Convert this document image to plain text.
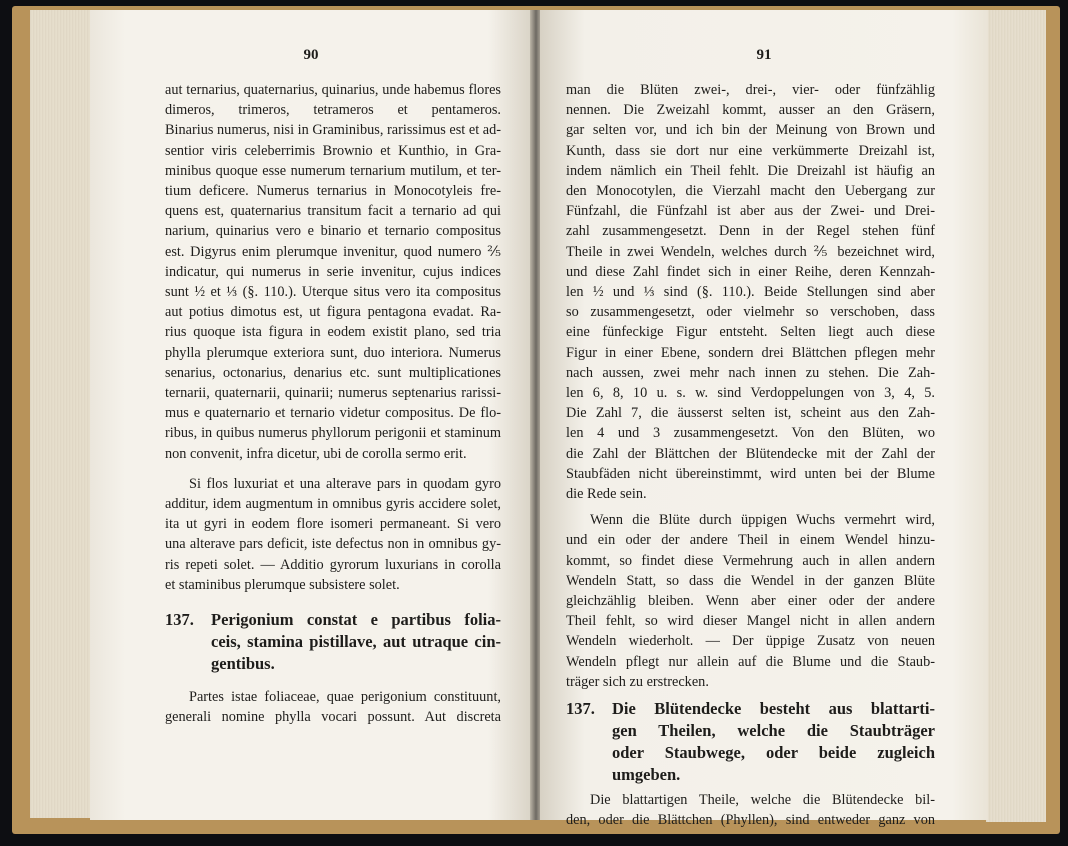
90
aut ternarius, quaternarius, quinarius, unde habemus flores
dimeros, trimeros, tetrameros et pentameros.
Binarius numerus, nisi in Graminibus, rarissimus est et ad-
sentior viris celeberrimis Brownio et Kunthio, in Gra-
minibus quoque esse numerum ternarium mutilum, et ter-
tium deficere. Numerus ternarius in Monocotyleis fre-
quens est, quaternarius transitum facit a ternario ad qui
narium, quinarius vero e binario et ternario compositus
est. Digyrus enim plerumque invenitur, quod numero ⅖
indicatur, qui numerus in serie invenitur, cujus indices
sunt ½ et ⅓ (§. 110.). Uterque situs vero ita compositus
aut potius dimotus est, ut figura pentagona evadat. Ra-
rius quoque ista figura in eodem existit plano, sed tria
phylla plerumque exteriora sunt, duo interiora. Numerus
senarius, octonarius, denarius etc. sunt multiplicationes
ternarii, quaternarii, quinarii; numerus septenarius rarissi-
mus e quaternario et ternario videtur compositus. De flo-
ribus, in quibus numerus phyllorum perigonii et staminum
non convenit, infra dicetur, ubi de corolla sermo erit.
Si flos luxuriat et una alterave pars in quodam gyro
additur, idem augmentum in omnibus gyris accidere solet,
ita ut gyri in eodem flore isomeri permaneant. Si vero
una alterave pars deficit, iste defectus non in omnibus gy-
ris repeti solet. — Additio gyrorum luxurians in corolla
et staminibus plerumque subsistere solet.
137.	Perigonium constat e partibus folia-
ceis, stamina pistillave, aut utraque cin-
gentibus.
Partes istae foliaceae, quae perigonium constituunt,
generali nomine phylla vocari possunt. Aut discreta
91
man die Blüten zwei-, drei-, vier- oder fünfzählig
nennen. Die Zweizahl kommt, ausser an den Gräsern,
gar selten vor, und ich bin der Meinung von Brown und
Kunth, dass sie dort nur eine verkümmerte Dreizahl ist,
indem nämlich ein Theil fehlt. Die Dreizahl ist häufig an
den Monocotylen, die Vierzahl macht den Uebergang zur
Fünfzahl, die Fünfzahl ist aber aus der Zwei- und Drei-
zahl zusammengesetzt. Denn in der Regel stehen fünf
Theile in zwei Wendeln, welches durch ⅖ bezeichnet wird,
und diese Zahl findet sich in einer Reihe, deren Kennzah-
len ½ und ⅓ sind (§. 110.). Beide Stellungen sind aber
so zusammengesetzt, oder vielmehr so verschoben, dass
eine fünfeckige Figur entsteht. Selten liegt auch diese
Figur in einer Ebene, sondern drei Blättchen pflegen mehr
nach aussen, zwei mehr nach innen zu stehen. Die Zah-
len 6, 8, 10 u. s. w. sind Verdoppelungen von 3, 4, 5.
Die Zahl 7, die äusserst selten ist, scheint aus den Zah-
len 4 und 3 zusammengesetzt. Von den Blüten, wo
die Zahl der Blättchen der Blütendecke mit der Zahl der
Staubfäden nicht übereinstimmt, wird unten bei der Blume
die Rede sein.
Wenn die Blüte durch üppigen Wuchs vermehrt wird,
und ein oder der andere Theil in einem Wendel hinzu-
kommt, so findet diese Vermehrung auch in allen andern
Wendeln Statt, so dass die Wendel in der ganzen Blüte
gleichzählig bleiben. Wenn aber einer oder der andere
Theil fehlt, so wird dieser Mangel nicht in allen andern
Wendeln wiederholt. — Der üppige Zusatz von neuen
Wendeln pflegt nur allein auf die Blume und die Staub-
träger sich zu erstrecken.
137.	Die Blütendecke besteht aus blattarti-
gen Theilen, welche die Staubträger
oder Staubwege, oder beide zugleich
umgeben.
Die blattartigen Theile, welche die Blütendecke bil-
den, oder die Blättchen (Phyllen), sind entweder ganz von
